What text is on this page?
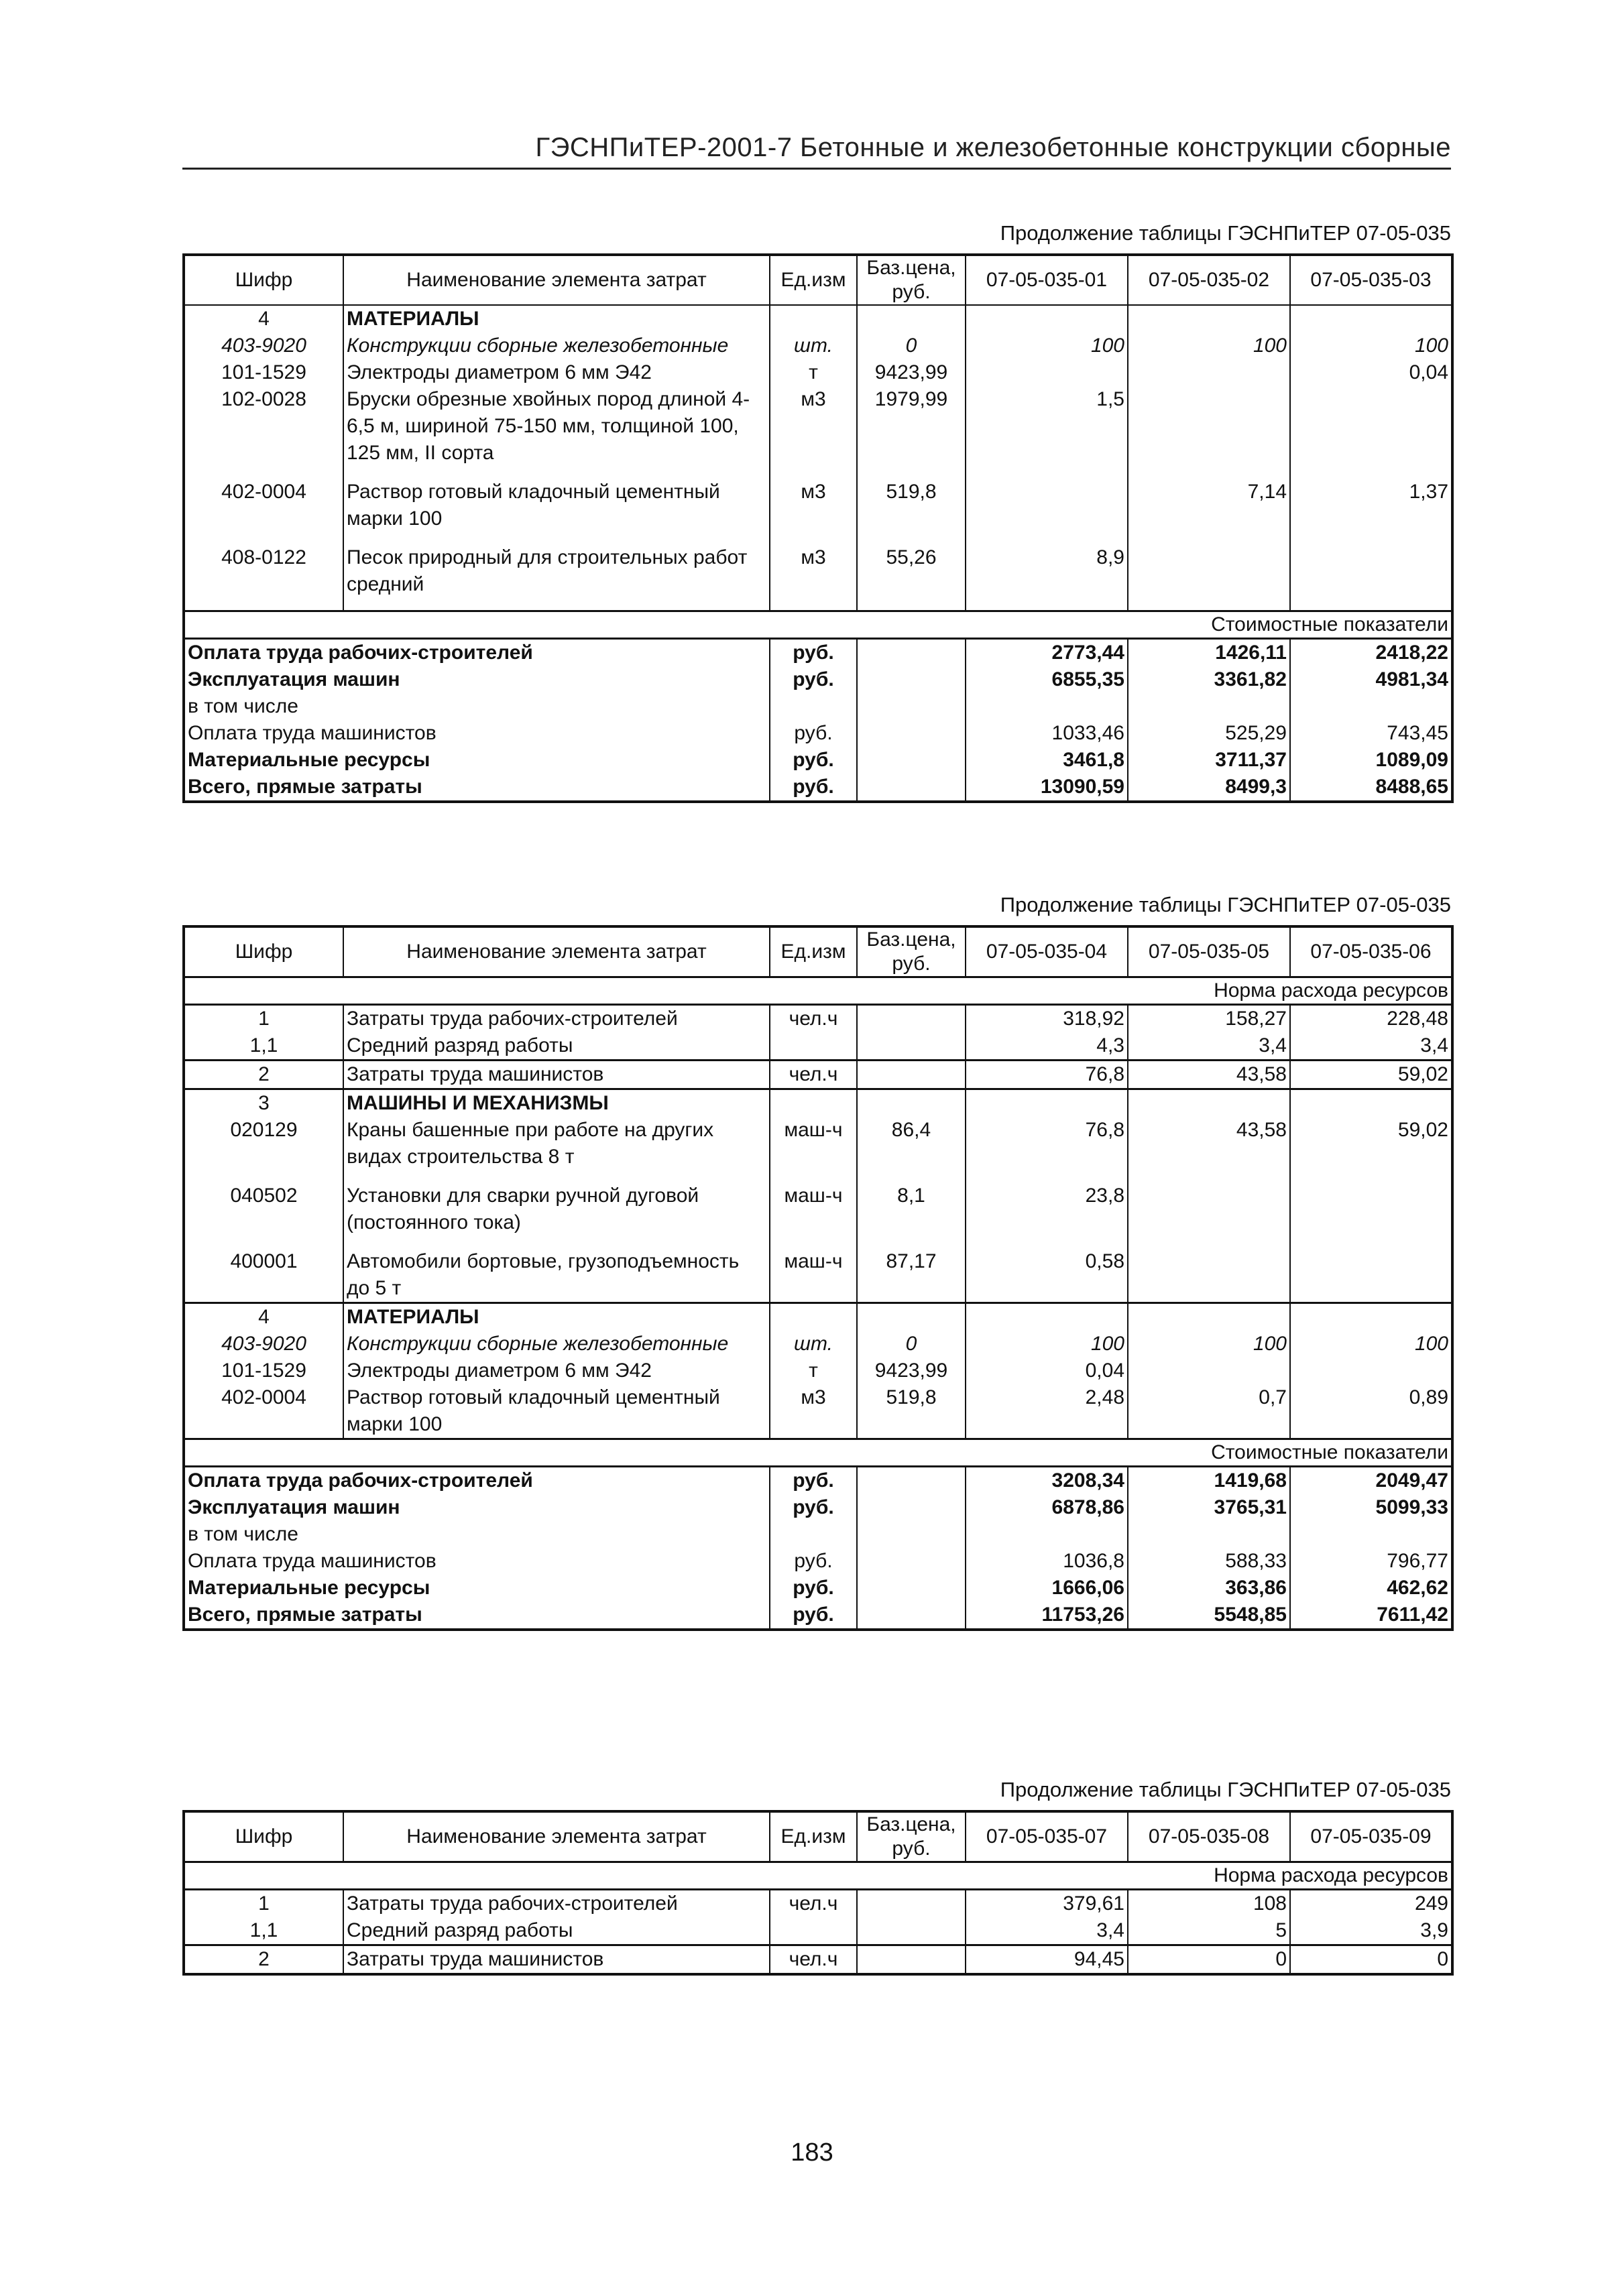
ГЭСНПиТЕР-2001-7 Бетонные и железобетонные конструкции сборные
Продолжение таблицы ГЭСНПиТЕР 07-05-035
Шифр	Наименование элемента затрат	Ед.изм	Баз.цена, руб.	07-05-035-01	07-05-035-02	07-05-035-03
4	МАТЕРИАЛЫ					
403-9020	Конструкции сборные железобетонные	шт.	0	100	100	100
101-1529	Электроды диаметром 6 мм Э42	т	9423,99			0,04
102-0028	Бруски обрезные хвойных пород длиной 4-6,5 м, шириной 75-150 мм, толщиной 100, 125 мм, II сорта	м3	1979,99	1,5		
402-0004	Раствор готовый кладочный цементный марки 100	м3	519,8		7,14	1,37
408-0122	Песок природный для строительных работ средний	м3	55,26	8,9		
Стоимостные показатели						
Оплата труда рабочих-строителей		руб.		2773,44	1426,11	2418,22
Эксплуатация машин		руб.		6855,35	3361,82	4981,34
в том числе						
Оплата труда машинистов		руб.		1033,46	525,29	743,45
Материальные ресурсы		руб.		3461,8	3711,37	1089,09
Всего, прямые затраты		руб.		13090,59	8499,3	8488,65
Продолжение таблицы ГЭСНПиТЕР 07-05-035
Шифр	Наименование элемента затрат	Ед.изм	Баз.цена, руб.	07-05-035-04	07-05-035-05	07-05-035-06
Норма расхода ресурсов						
1	Затраты труда рабочих-строителей	чел.ч		318,92	158,27	228,48
1,1	Средний разряд работы			4,3	3,4	3,4
2	Затраты труда машинистов	чел.ч		76,8	43,58	59,02
3	МАШИНЫ И МЕХАНИЗМЫ					
020129	Краны башенные при работе на других видах строительства 8 т	маш-ч	86,4	76,8	43,58	59,02
040502	Установки для сварки ручной дуговой (постоянного тока)	маш-ч	8,1	23,8		
400001	Автомобили бортовые, грузоподъемность до 5 т	маш-ч	87,17	0,58		
4	МАТЕРИАЛЫ					
403-9020	Конструкции сборные железобетонные	шт.	0	100	100	100
101-1529	Электроды диаметром 6 мм Э42	т	9423,99	0,04		
402-0004	Раствор готовый кладочный цементный марки 100	м3	519,8	2,48	0,7	0,89
Стоимостные показатели						
Оплата труда рабочих-строителей		руб.		3208,34	1419,68	2049,47
Эксплуатация машин		руб.		6878,86	3765,31	5099,33
в том числе						
Оплата труда машинистов		руб.		1036,8	588,33	796,77
Материальные ресурсы		руб.		1666,06	363,86	462,62
Всего, прямые затраты		руб.		11753,26	5548,85	7611,42
Продолжение таблицы ГЭСНПиТЕР 07-05-035
Шифр	Наименование элемента затрат	Ед.изм	Баз.цена, руб.	07-05-035-07	07-05-035-08	07-05-035-09
Норма расхода ресурсов						
1	Затраты труда рабочих-строителей	чел.ч		379,61	108	249
1,1	Средний разряд работы			3,4	5	3,9
2	Затраты труда машинистов	чел.ч		94,45	0	0
183
